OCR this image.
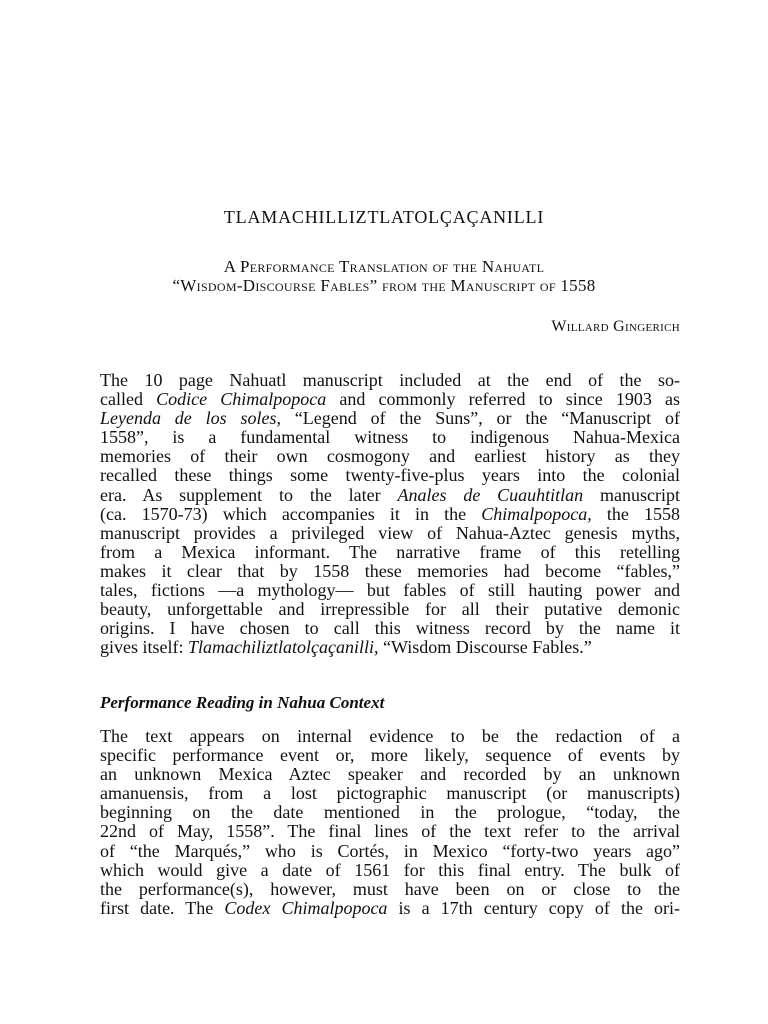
TLAMACHILLIZTLATOLÇAÇANILLI
A Performance Translation of the Nahuatl
“Wisdom-Discourse Fables” from the Manuscript of 1558
Willard Gingerich
The 10 page Nahuatl manuscript included at the end of the so-
called Codice Chimalpopoca and commonly referred to since 1903 as
Leyenda de los soles, “Legend of the Suns”, or the “Manuscript of
1558”, is a fundamental witness to indigenous Nahua-Mexica
memories of their own cosmogony and earliest history as they
recalled these things some twenty-five-plus years into the colonial
era. As supplement to the later Anales de Cuauhtitlan manuscript
(ca. 1570-73) which accompanies it in the Chimalpopoca, the 1558
manuscript provides a privileged view of Nahua-Aztec genesis myths,
from a Mexica informant. The narrative frame of this retelling
makes it clear that by 1558 these memories had become “fables,”
tales, fictions —a mythology— but fables of still hauting power and
beauty, unforgettable and irrepressible for all their putative demonic
origins. I have chosen to call this witness record by the name it
gives itself: Tlamachiliztlatolçaçanilli, “Wisdom Discourse Fables.”
Performance Reading in Nahua Context
The text appears on internal evidence to be the redaction of a
specific performance event or, more likely, sequence of events by
an unknown Mexica Aztec speaker and recorded by an unknown
amanuensis, from a lost pictographic manuscript (or manuscripts)
beginning on the date mentioned in the prologue, “today, the
22nd of May, 1558”. The final lines of the text refer to the arrival
of “the Marqués,” who is Cortés, in Mexico “forty-two years ago”
which would give a date of 1561 for this final entry. The bulk of
the performance(s), however, must have been on or close to the
first date. The Codex Chimalpopoca is a 17th century copy of the ori-
